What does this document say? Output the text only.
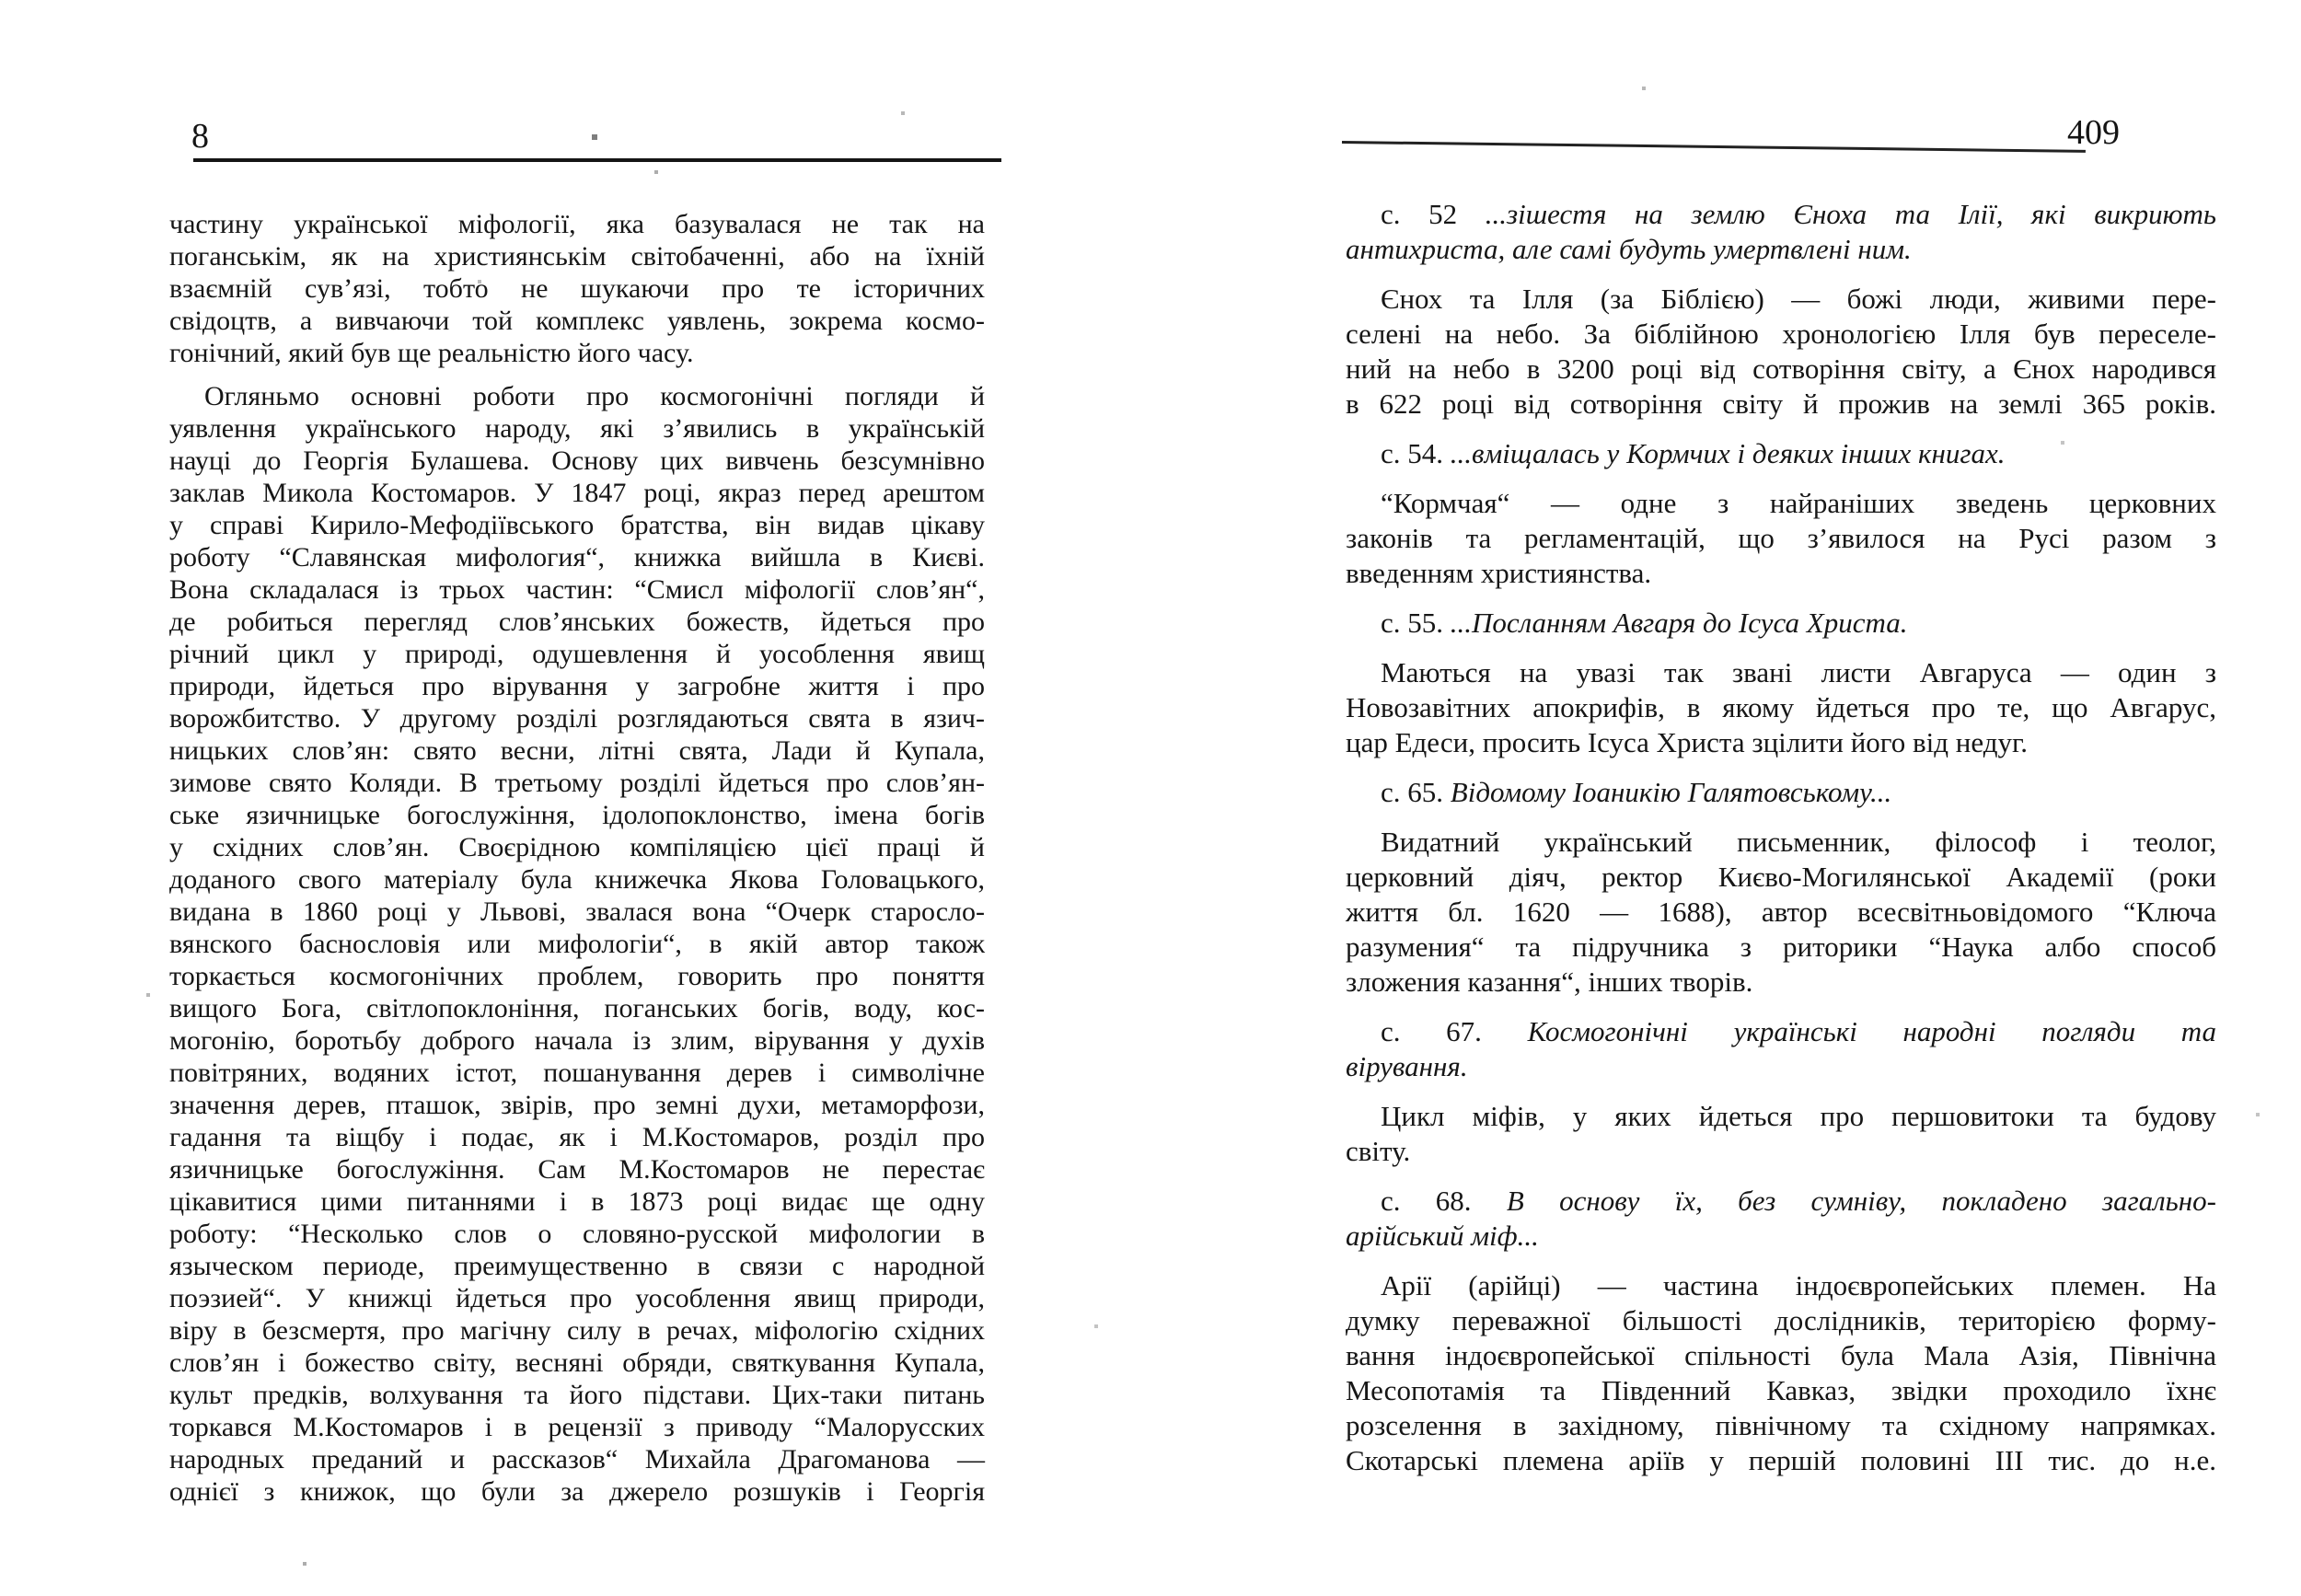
8
частину української міфології, яка базувалася не так на
поганськім, як на християнськім світобаченні, або на їхній
взаємній сув’язі, тобто не шукаючи про те історичних
свідоцтв, а вивчаючи той комплекс уявлень, зокрема космо-
гонічний, який був ще реальністю його часу.
Огляньмо основні роботи про космогонічні погляди й
уявлення українського народу, які з’явились в українській
науці до Георгія Булашева. Основу цих вивчень безсумнівно
заклав Микола Костомаров. У 1847 році, якраз перед арештом
у справі Кирило-Мефодіївського братства, він видав цікаву
роботу “Славянская мифология“, книжка вийшла в Києві.
Вона складалася із трьох частин: “Смисл міфології слов’ян“,
де робиться перегляд слов’янських божеств, йдеться про
річний цикл у природі, одушевлення й уособлення явищ
природи, йдеться про вірування у загробне життя і про
ворожбитство. У другому розділі розглядаються свята в язич-
ницьких слов’ян: свято весни, літні свята, Лади й Купала,
зимове свято Коляди. В третьому розділі йдеться про слов’ян-
ське язичницьке богослужіння, ідолопоклонство, імена богів
у східних слов’ян. Своєрідною компіляцією цієї праці й
доданого свого матеріалу була книжечка Якова Головацького,
видана в 1860 році у Львові, звалася вона “Очерк старосло-
вянского баснословія или мифологіи“, в якій автор також
торкається космогонічних проблем, говорить про поняття
вищого Бога, світлопоклоніння, поганських богів, воду, кос-
могонію, боротьбу доброго начала із злим, вірування у духів
повітряних, водяних істот, пошанування дерев і символічне
значення дерев, пташок, звірів, про земні духи, метаморфози,
гадання та віщбу і подає, як і М.Костомаров, розділ про
язичницьке богослужіння. Сам М.Костомаров не перестає
цікавитися цими питаннями і в 1873 році видає ще одну
роботу: “Несколько слов о словяно-русской мифологии в
языческом периоде, преимущественно в связи с народной
поэзией“. У книжці йдеться про уособлення явищ природи,
віру в безсмертя, про магічну силу в речах, міфологію східних
слов’ян і божество світу, весняні обряди, святкування Купала,
культ предків, волхування та його підстави. Цих-таки питань
торкався М.Костомаров і в рецензії з приводу “Малорусских
народных преданий и рассказов“ Михайла Драгоманова —
однієї з книжок, що були за джерело розшуків і Георгія
409
с. 52 ...зішестя на землю Єноха та Ілії, які викриють
антихриста, але самі будуть умертвлені ним.
Єнох та Ілля (за Біблією) — божі люди, живими пере-
селені на небо. За біблійною хронологією Ілля був переселе-
ний на небо в 3200 році від сотворіння світу, а Єнох народився
в 622 році від сотворіння світу й прожив на землі 365 років.
с. 54. ...вміщалась у Кормчих і деяких інших книгах.
“Кормчая“ — одне з найраніших зведень церковних
законів та регламентацій, що з’явилося на Русі разом з
введенням християнства.
с. 55. ...Посланням Авгаря до Ісуса Христа.
Маються на увазі так звані листи Авгаруса — один з
Новозавітних апокрифів, в якому йдеться про те, що Авгарус,
цар Едеси, просить Ісуса Христа зцілити його від недуг.
с. 65. Відомому Іоаникію Галятовському...
Видатний український письменник, філософ і теолог,
церковний діяч, ректор Києво-Могилянської Академії (роки
життя бл. 1620 — 1688), автор всесвітньовідомого “Ключа
разумения“ та підручника з риторики “Наука албо способ
зложения казання“, інших творів.
с. 67. Космогонічні українські народні погляди та
вірування.
Цикл міфів, у яких йдеться про першовитоки та будову
світу.
с. 68. В основу їх, без сумніву, покладено загально-
арійський міф...
Арії (арійці) — частина індоєвропейських племен. На
думку переважної більшості дослідників, територією форму-
вання індоєвропейської спільності була Мала Азія, Північна
Месопотамія та Південний Кавказ, звідки проходило їхнє
розселення в західному, північному та східному напрямках.
Скотарські племена аріїв у першій половині III тис. до н.е.
